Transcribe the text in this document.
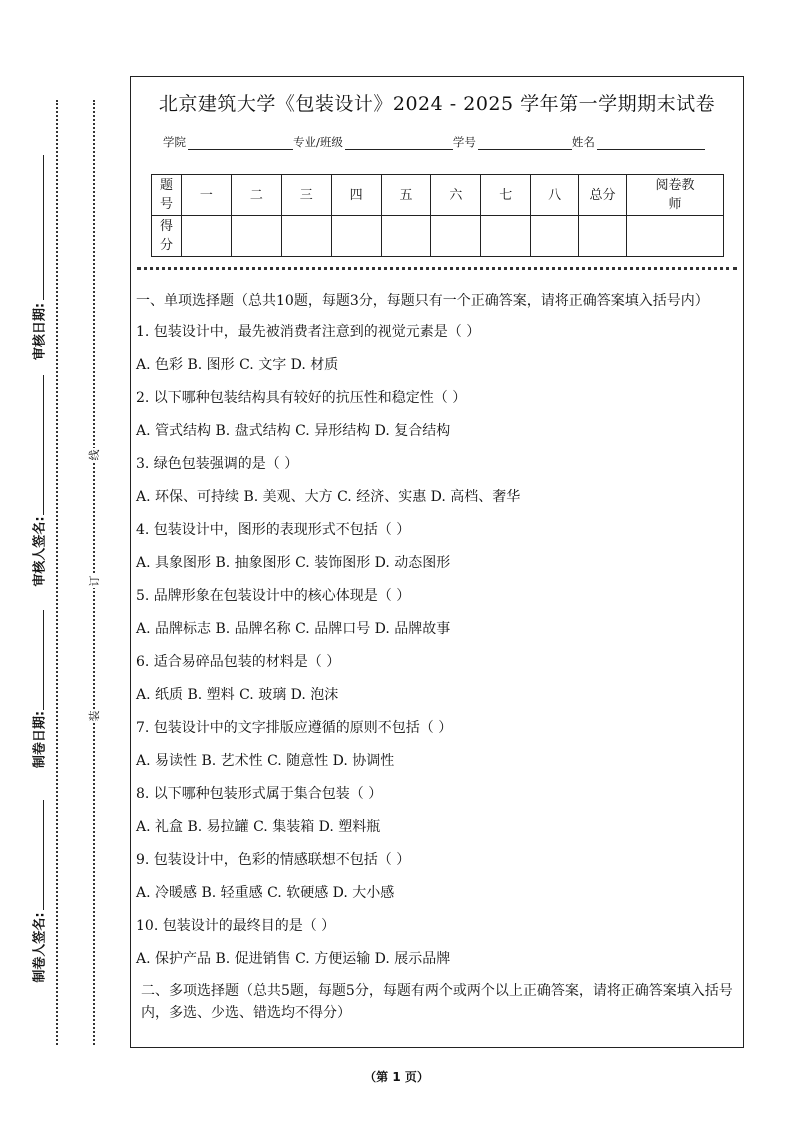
审核日期:
审核人签名:
制卷日期:
制卷人签名:
线
订
装
北京建筑大学《包装设计》2024 - 2025 学年第一学期期末试卷
学院	专业/班级	学号	姓名
题号	一	二	三	四	五	六	七	八	总分	阅卷教师
得分										

一、单项选择题（总共10题，每题3分，每题只有一个正确答案，请将正确答案填入括号内）

1. 包装设计中，最先被消费者注意到的视觉元素是（ ）
A. 色彩 B. 图形 C. 文字 D. 材质
2. 以下哪种包装结构具有较好的抗压性和稳定性（ ）
A. 管式结构 B. 盘式结构 C. 异形结构 D. 复合结构
3. 绿色包装强调的是（ ）
A. 环保、可持续 B. 美观、大方 C. 经济、实惠 D. 高档、奢华
4. 包装设计中，图形的表现形式不包括（ ）
A. 具象图形 B. 抽象图形 C. 装饰图形 D. 动态图形
5. 品牌形象在包装设计中的核心体现是（ ）
A. 品牌标志 B. 品牌名称 C. 品牌口号 D. 品牌故事
6. 适合易碎品包装的材料是（ ）
A. 纸质 B. 塑料 C. 玻璃 D. 泡沫
7. 包装设计中的文字排版应遵循的原则不包括（ ）
A. 易读性 B. 艺术性 C. 随意性 D. 协调性
8. 以下哪种包装形式属于集合包装（ ）
A. 礼盒 B. 易拉罐 C. 集装箱 D. 塑料瓶
9. 包装设计中，色彩的情感联想不包括（ ）
A. 冷暖感 B. 轻重感 C. 软硬感 D. 大小感
10. 包装设计的最终目的是（ ）
A. 保护产品 B. 促进销售 C. 方便运输 D. 展示品牌

二、多项选择题（总共5题，每题5分，每题有两个或两个以上正确答案，请将正确答案填入括号内，多选、少选、错选均不得分）

（第 1 页）
